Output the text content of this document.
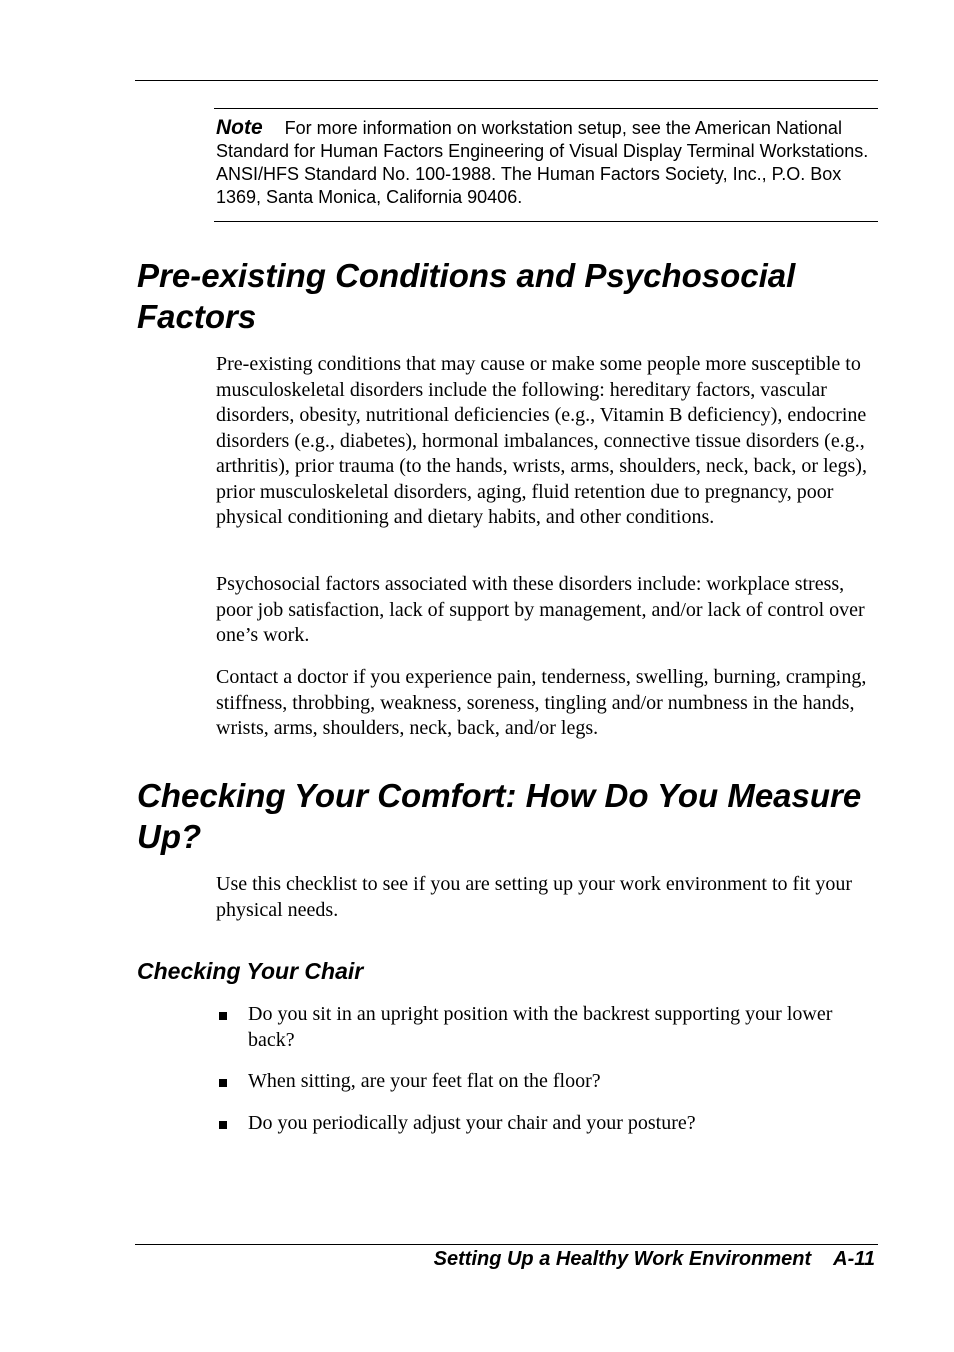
Note For more information on workstation setup, see the American National Standard for Human Factors Engineering of Visual Display Terminal Workstations. ANSI/HFS Standard No. 100-1988. The Human Factors Society, Inc., P.O. Box 1369, Santa Monica, California 90406.
Pre-existing Conditions and Psychosocial Factors

Pre-existing conditions that may cause or make some people more susceptible to musculoskeletal disorders include the following: hereditary factors, vascular disorders, obesity, nutritional deficiencies (e.g., Vitamin B deficiency), endocrine disorders (e.g., diabetes), hormonal imbalances, connective tissue disorders (e.g., arthritis), prior trauma (to the hands, wrists, arms, shoulders, neck, back, or legs), prior musculoskeletal disorders, aging, fluid retention due to pregnancy, poor physical conditioning and dietary habits, and other conditions.

Psychosocial factors associated with these disorders include: workplace stress, poor job satisfaction, lack of support by management, and/or lack of control over one’s work.

Contact a doctor if you experience pain, tenderness, swelling, burning, cramping, stiffness, throbbing, weakness, soreness, tingling and/or numbness in the hands, wrists, arms, shoulders, neck, back, and/or legs.

Checking Your Comfort: How Do You Measure Up?

Use this checklist to see if you are setting up your work environment to fit your physical needs.

Checking Your Chair
Do you sit in an upright position with the backrest supporting your lower back?
When sitting, are your feet flat on the floor?
Do you periodically adjust your chair and your posture?
Setting Up a Healthy Work Environment A-11
